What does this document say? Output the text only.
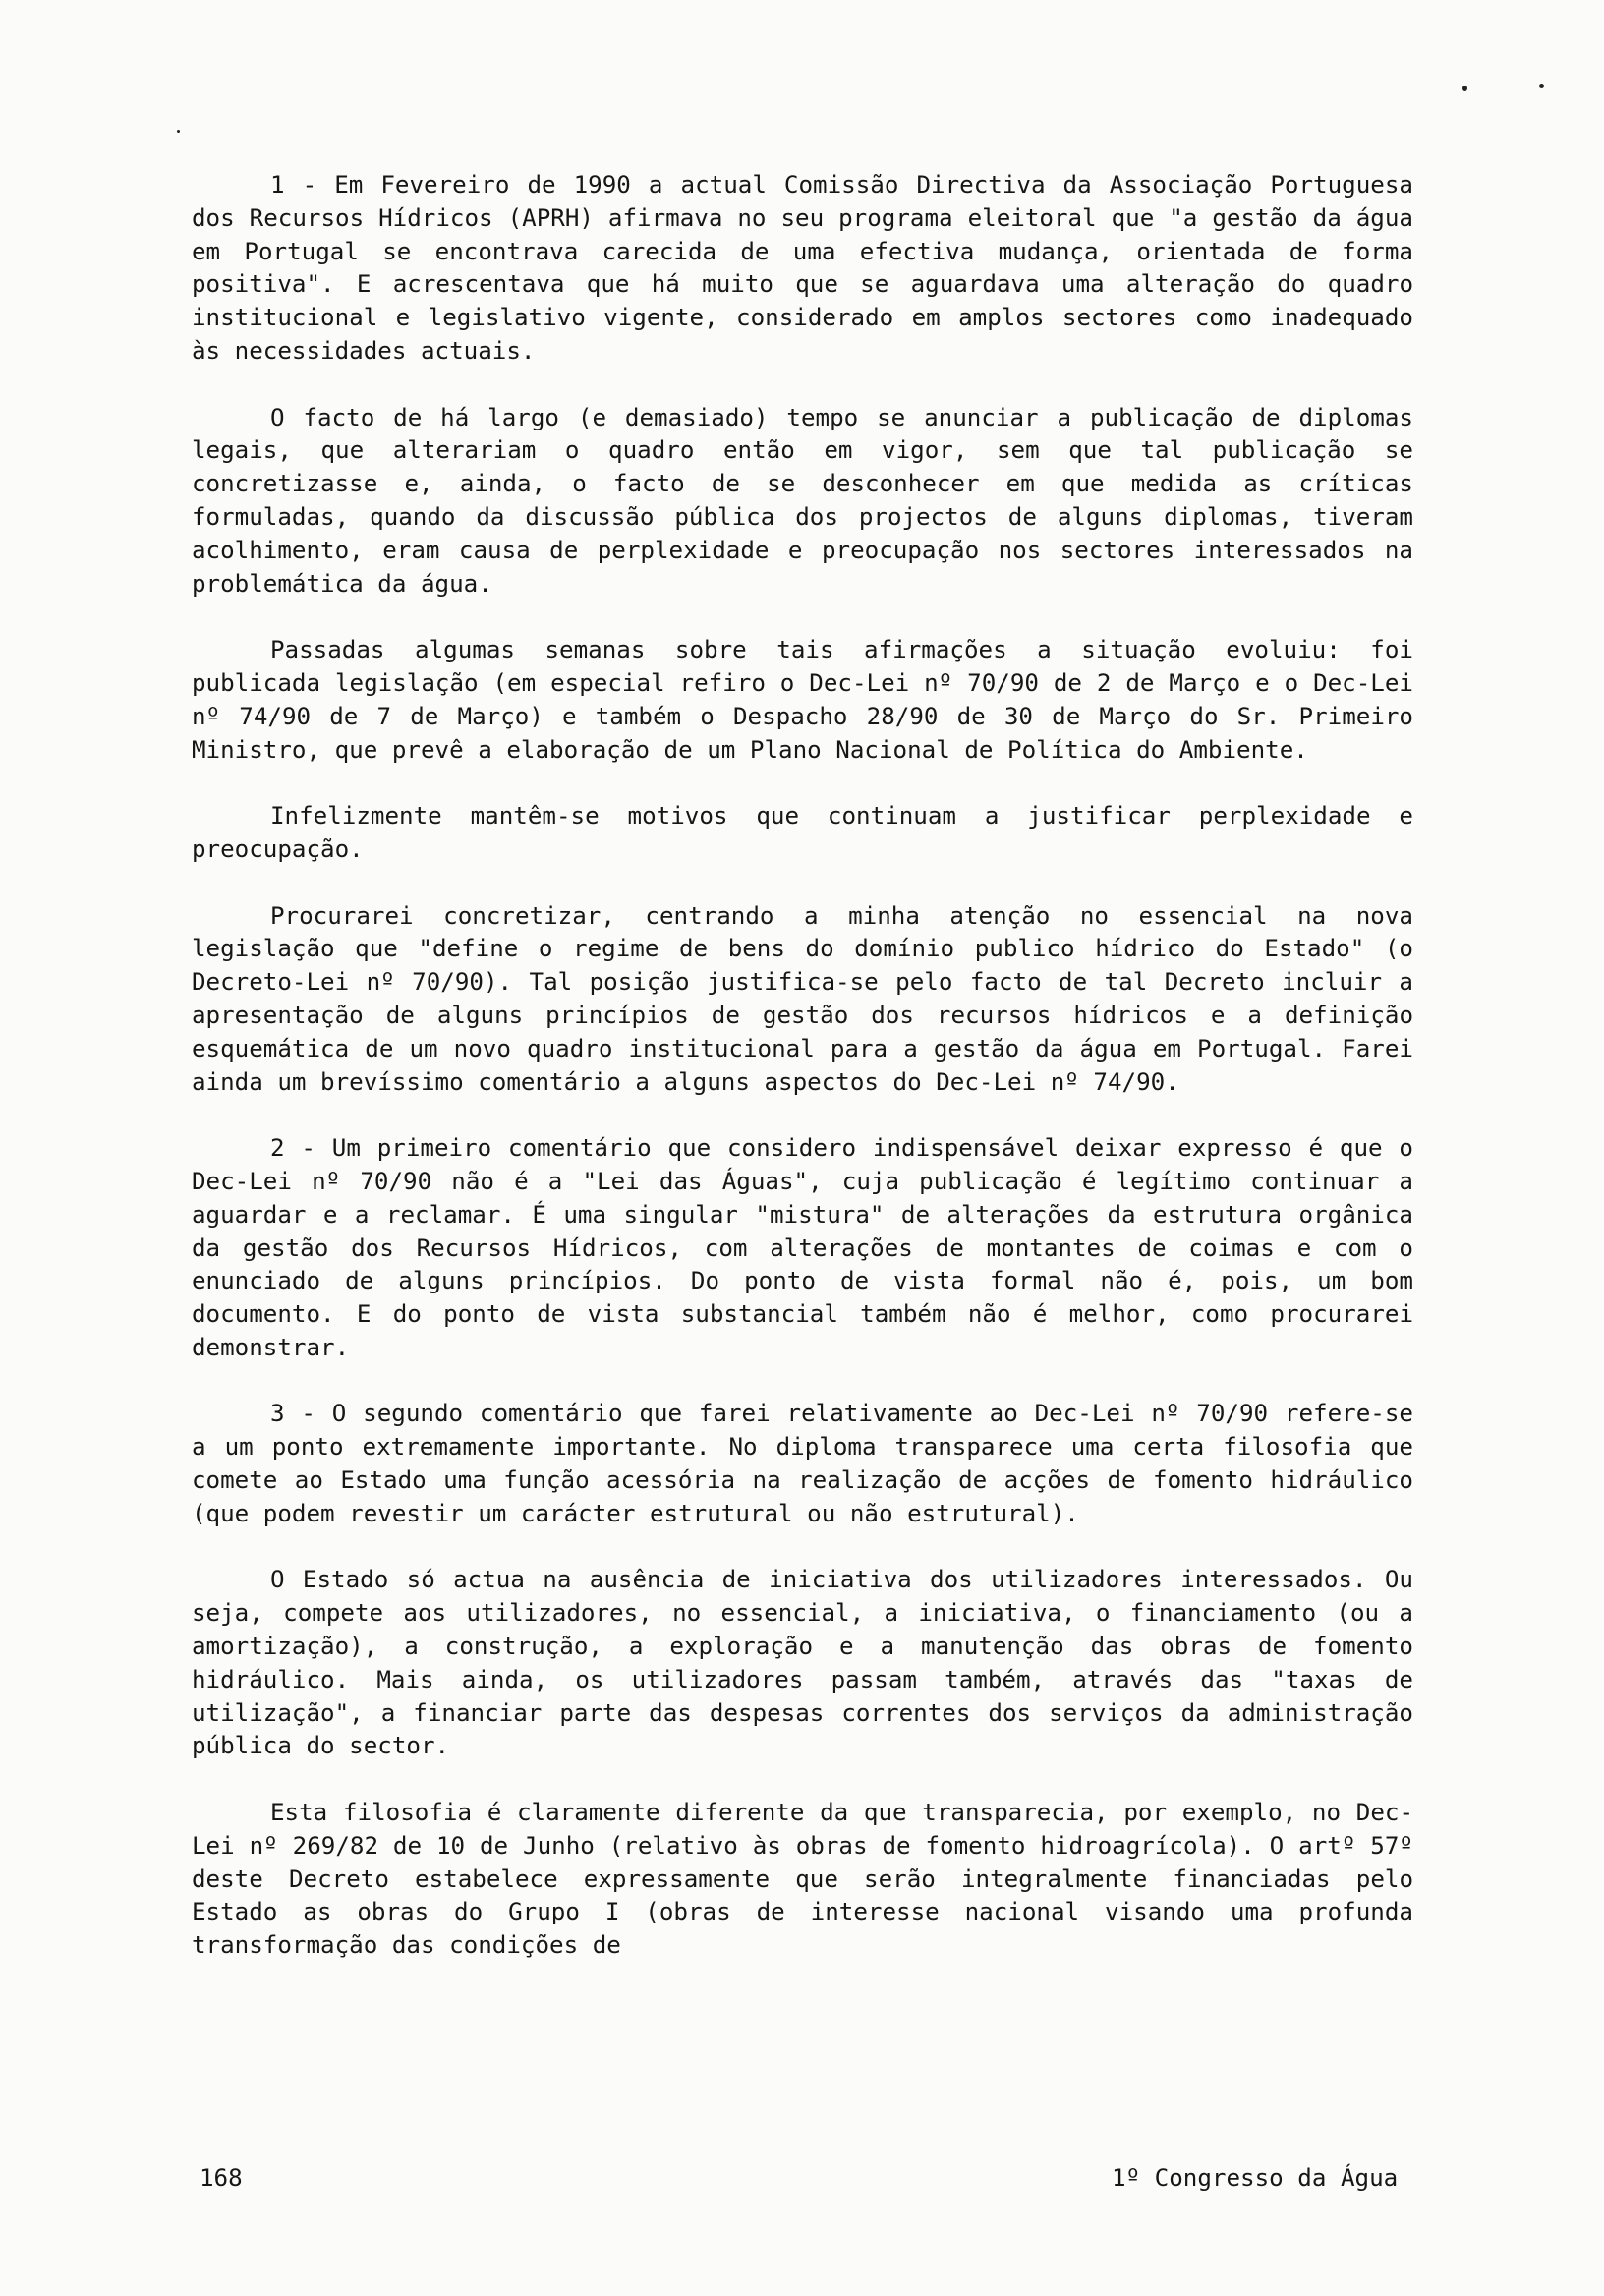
1 - Em Fevereiro de 1990 a actual Comissão Directiva da Associação Portuguesa dos Recursos Hídricos (APRH) afirmava no seu programa eleitoral que "a gestão da água em Portugal se encontrava carecida de uma efectiva mudança, orientada de forma positiva". E acrescentava que há muito que se aguardava uma alteração do quadro institucional e legislativo vigente, considerado em amplos sectores como inadequado às necessidades actuais.

O facto de há largo (e demasiado) tempo se anunciar a publicação de diplomas legais, que alterariam o quadro então em vigor, sem que tal publicação se concretizasse e, ainda, o facto de se desconhecer em que medida as críticas formuladas, quando da discussão pública dos projectos de alguns diplomas, tiveram acolhimento, eram causa de perplexidade e preocupação nos sectores interessados na problemática da água.

Passadas algumas semanas sobre tais afirmações a situação evoluiu: foi publicada legislação (em especial refiro o Dec-Lei nº 70/90 de 2 de Março e o Dec-Lei nº 74/90 de 7 de Março) e também o Despacho 28/90 de 30 de Março do Sr. Primeiro Ministro, que prevê a elaboração de um Plano Nacional de Política do Ambiente.

Infelizmente mantêm-se motivos que continuam a justificar perplexidade e preocupação.

Procurarei concretizar, centrando a minha atenção no essencial na nova legislação que "define o regime de bens do domínio publico hídrico do Estado" (o Decreto-Lei nº 70/90). Tal posição justifica-se pelo facto de tal Decreto incluir a apresentação de alguns princípios de gestão dos recursos hídricos e a definição esquemática de um novo quadro institucional para a gestão da água em Portugal. Farei ainda um brevíssimo comentário a alguns aspectos do Dec-Lei nº 74/90.

2 - Um primeiro comentário que considero indispensável deixar expresso é que o Dec-Lei nº 70/90 não é a "Lei das Águas", cuja publicação é legítimo continuar a aguardar e a reclamar. É uma singular "mistura" de alterações da estrutura orgânica da gestão dos Recursos Hídricos, com alterações de montantes de coimas e com o enunciado de alguns princípios. Do ponto de vista formal não é, pois, um bom documento. E do ponto de vista substancial também não é melhor, como procurarei demonstrar.

3 - O segundo comentário que farei relativamente ao Dec-Lei nº 70/90 refere-se a um ponto extremamente importante. No diploma transparece uma certa filosofia que comete ao Estado uma função acessória na realização de acções de fomento hidráulico (que podem revestir um carácter estrutural ou não estrutural).

O Estado só actua na ausência de iniciativa dos utilizadores interessados. Ou seja, compete aos utilizadores, no essencial, a iniciativa, o financiamento (ou a amortização), a construção, a exploração e a manutenção das obras de fomento hidráulico. Mais ainda, os utilizadores passam também, através das "taxas de utilização", a financiar parte das despesas correntes dos serviços da administração pública do sector.

Esta filosofia é claramente diferente da que transparecia, por exemplo, no Dec-Lei nº 269/82 de 10 de Junho (relativo às obras de fomento hidroagrícola). O artº 57º deste Decreto estabelece expressamente que serão integralmente financiadas pelo Estado as obras do Grupo I (obras de interesse nacional visando uma profunda transformação das condições de

168	1º Congresso da Água
